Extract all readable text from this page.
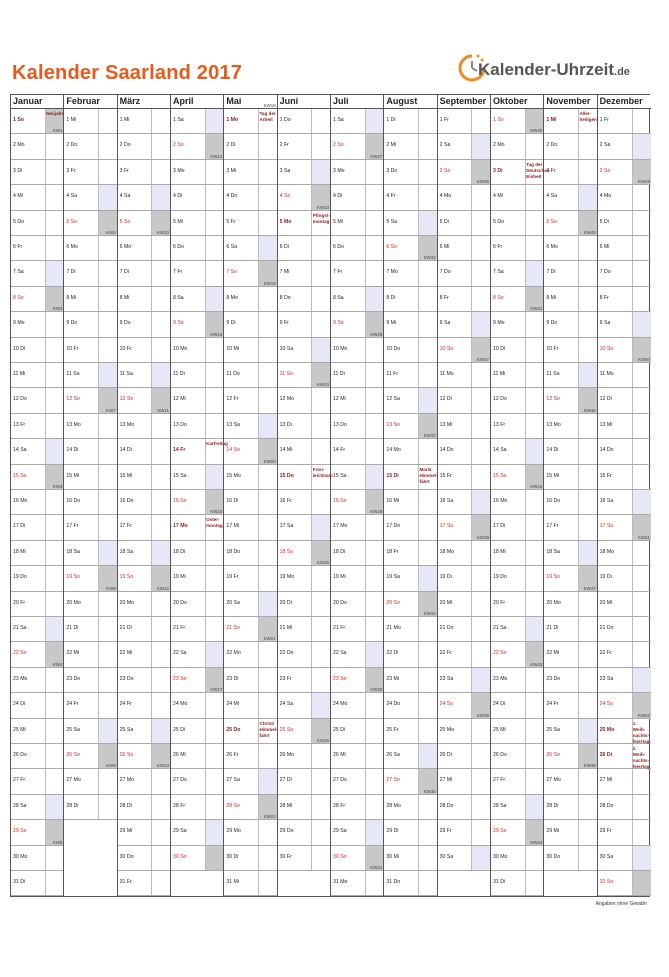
Kalender Saarland 2017	Kalender-Uhrzeit.de
Januar
1 So
Neujahr
2 Mo
KW1
3 Di
4 Mi
5 Do
6 Fr
7 Sa
8 So
9 Mo
KW2
10 Di
11 Mi
12 Do
13 Fr
14 Sa
15 So
16 Mo
KW3
17 Di
18 Mi
19 Do
20 Fr
21 Sa
22 So
23 Mo
KW4
24 Di
25 Mi
26 Do
27 Fr
28 Sa
29 So
30 Mo
KW5
31 Di
Februar
1 Mi
2 Do
3 Fr
4 Sa
5 So
6 Mo
KW6
7 Di
8 Mi
9 Do
10 Fr
11 Sa
12 So
13 Mo
KW7
14 Di
15 Mi
16 Do
17 Fr
18 Sa
19 So
20 Mo
KW8
21 Di
22 Mi
23 Do
24 Fr
25 Sa
26 So
27 Mo
KW9
28 Di
März
1 Mi
2 Do
3 Fr
4 Sa
5 So
6 Mo
KW10
7 Di
8 Mi
9 Do
10 Fr
11 Sa
12 So
13 Mo
KW11
14 Di
15 Mi
16 Do
17 Fr
18 Sa
19 So
20 Mo
KW12
21 Di
22 Mi
23 Do
24 Fr
25 Sa
26 So
27 Mo
KW13
28 Di
29 Mi
30 Do
31 Fr
April
1 Sa
2 So
3 Mo
KW14
4 Di
5 Mi
6 Do
7 Fr
8 Sa
9 So
10 Mo
KW15
11 Di
12 Mi
13 Do
14 Fr
Karfreitag
15 Sa
16 So
17 Mo
Oster-montag
KW16
18 Di
19 Mi
20 Do
21 Fr
22 Sa
23 So
24 Mo
KW17
25 Di
26 Mi
27 Do
28 Fr
29 Sa
30 So
Mai
1 Mo
Tag der Arbeit
KW18
2 Di
3 Mi
4 Do
5 Fr
6 Sa
7 So
8 Mo
KW19
9 Di
10 Mi
11 Do
12 Fr
13 Sa
14 So
15 Mo
KW20
16 Di
17 Mi
18 Do
19 Fr
20 Sa
21 So
22 Mo
KW21
23 Di
24 Mi
25 Do
Christi Himmel-fahrt
26 Fr
27 Sa
28 So
29 Mo
KW22
30 Di
31 Mi
Juni
1 Do
2 Fr
3 Sa
4 So
5 Mo
Pfingst-montag
KW23
6 Di
7 Mi
8 Do
9 Fr
10 Sa
11 So
12 Mo
KW24
13 Di
14 Mi
15 Do
Fron-leichnam
16 Fr
17 Sa
18 So
19 Mo
KW25
20 Di
21 Mi
22 Do
23 Fr
24 Sa
25 So
26 Mo
KW26
27 Di
28 Mi
29 Do
30 Fr
Juli
1 Sa
2 So
3 Mo
KW27
4 Di
5 Mi
6 Do
7 Fr
8 Sa
9 So
10 Mo
KW28
11 Di
12 Mi
13 Do
14 Fr
15 Sa
16 So
17 Mo
KW29
18 Di
19 Mi
20 Do
21 Fr
22 Sa
23 So
24 Mo
KW30
25 Di
26 Mi
27 Do
28 Fr
29 Sa
30 So
31 Mo
KW31
August
1 Di
2 Mi
3 Do
4 Fr
5 Sa
6 So
7 Mo
KW32
8 Di
9 Mi
10 Do
11 Fr
12 Sa
13 So
14 Mo
KW33
15 Di
Mariä Himmel-fahrt
16 Mi
17 Do
18 Fr
19 Sa
20 So
21 Mo
KW34
22 Di
23 Mi
24 Do
25 Fr
26 Sa
27 So
28 Mo
KW35
29 Di
30 Mi
31 Do
September
1 Fr
2 Sa
3 So
4 Mo
KW36
5 Di
6 Mi
7 Do
8 Fr
9 Sa
10 So
11 Mo
KW37
12 Di
13 Mi
14 Do
15 Fr
16 Sa
17 So
18 Mo
KW38
19 Di
20 Mi
21 Do
22 Fr
23 Sa
24 So
25 Mo
KW39
26 Di
27 Mi
28 Do
29 Fr
30 Sa
Oktober
1 So
2 Mo
KW40
3 Di
Tag der Deutschen Einheit
4 Mi
5 Do
6 Fr
7 Sa
8 So
9 Mo
KW41
10 Di
11 Mi
12 Do
13 Fr
14 Sa
15 So
16 Mo
KW42
17 Di
18 Mi
19 Do
20 Fr
21 Sa
22 So
23 Mo
KW43
24 Di
25 Mi
26 Do
27 Fr
28 Sa
29 So
30 Mo
KW44
31 Di
November
1 Mi
Aller-heiligen
2 Do
3 Fr
4 Sa
5 So
6 Mo
KW45
7 Di
8 Mi
9 Do
10 Fr
11 Sa
12 So
13 Mo
KW46
14 Di
15 Mi
16 Do
17 Fr
18 Sa
19 So
20 Mo
KW47
21 Di
22 Mi
23 Do
24 Fr
25 Sa
26 So
27 Mo
KW48
28 Di
29 Mi
30 Do
Dezember
1 Fr
2 Sa
3 So
4 Mo
KW49
5 Di
6 Mi
7 Do
8 Fr
9 Sa
10 So
11 Mo
KW50
12 Di
13 Mi
14 Do
15 Fr
16 Sa
17 So
18 Mo
KW51
19 Di
20 Mi
21 Do
22 Fr
23 Sa
24 So
25 Mo
1. Weih-nachts-feiertag
KW52
26 Di
2. Weih-nachts-feiertag
27 Mi
28 Do
29 Fr
30 Sa
31 So
Angaben ohne Gewähr
